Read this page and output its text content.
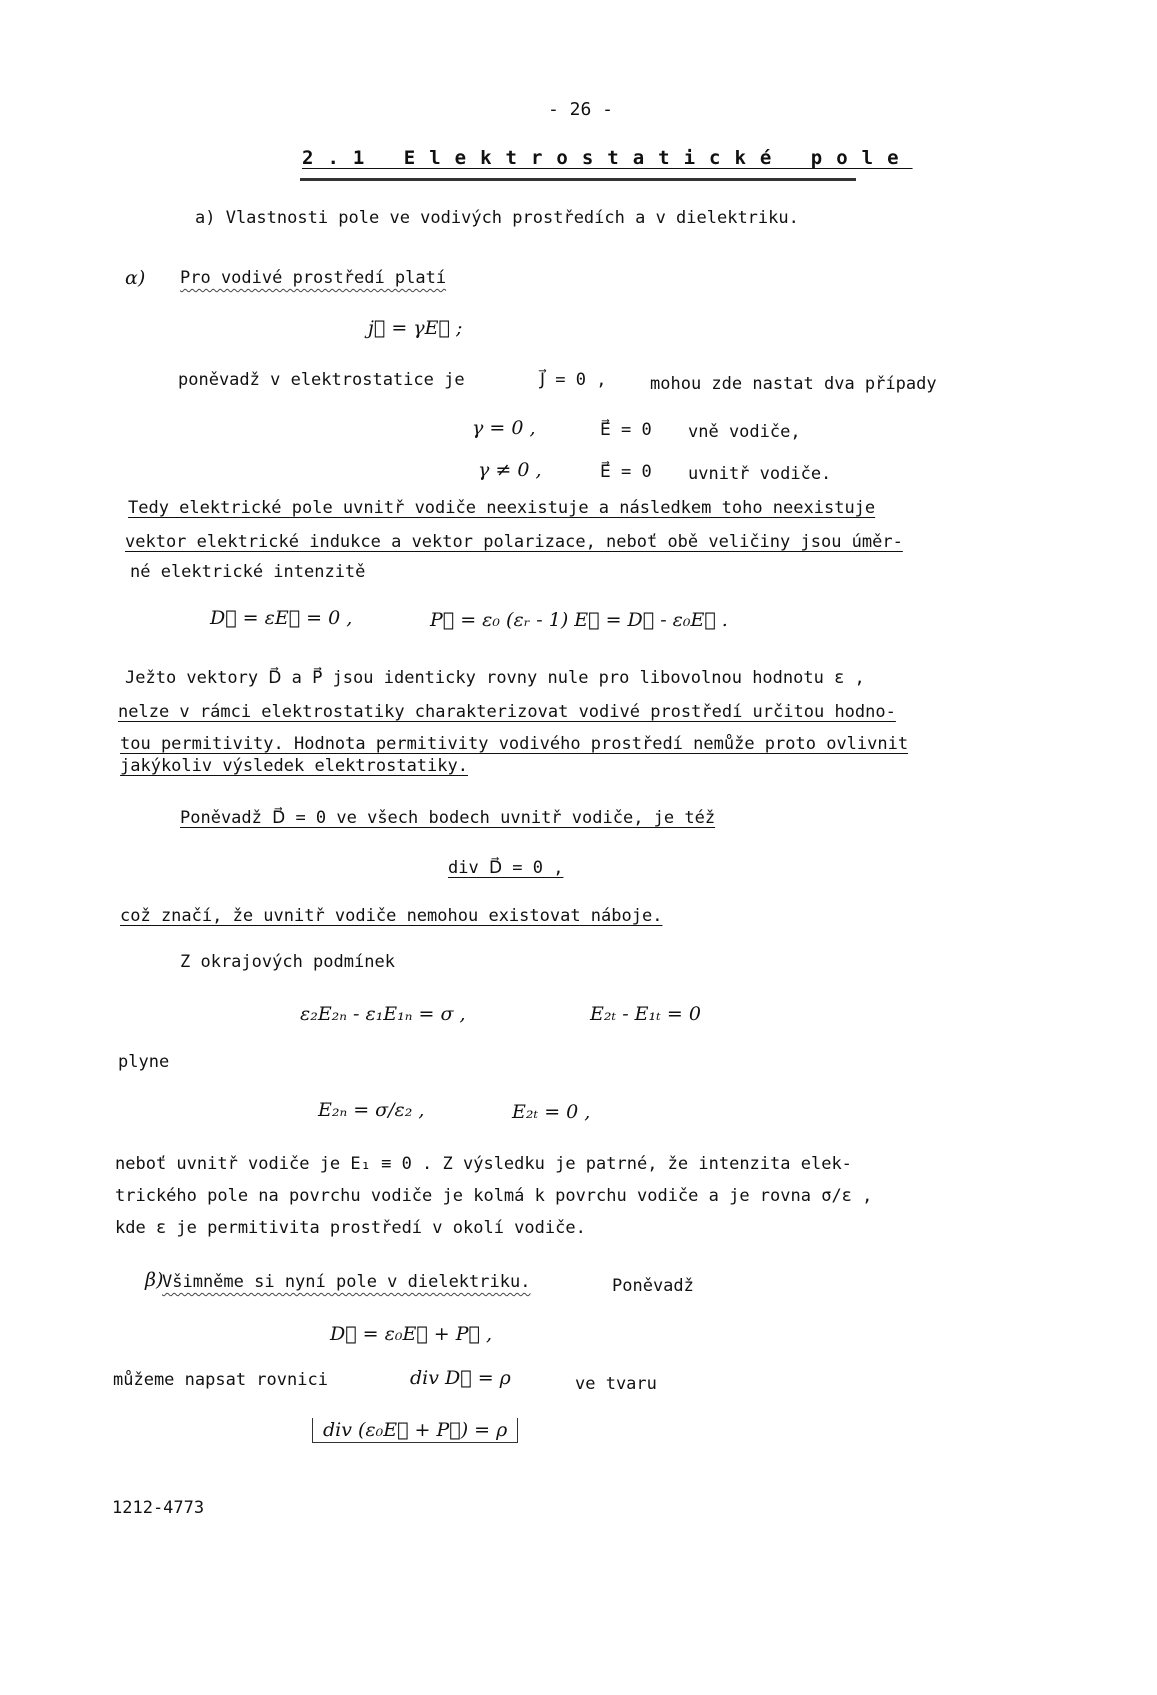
- 26 -
2.1 Elektrostatické pole
a) Vlastnosti pole ve vodivých prostředích a v dielektriku.
α) Pro vodivé prostředí platí
j⃗ = γE⃗ ;
poněvadž v elektrostatice je	J⃗ = 0 ,	mohou zde nastat dva případy
γ = 0 ,	E⃗ = 0 vně vodiče,
γ ≠ 0 ,	E⃗ = 0 uvnitř vodiče.
Tedy elektrické pole uvnitř vodiče neexistuje a následkem toho neexistuje
vektor elektrické indukce a vektor polarizace, neboť obě veličiny jsou úměr-
né elektrické intenzitě
D⃗ = εE⃗ = 0 ,	P⃗ = ε₀ (εᵣ - 1) E⃗ = D⃗ - ε₀E⃗ .
Ježto vektory D⃗ a P⃗ jsou identicky rovny nule pro libovolnou hodnotu ε ,
nelze v rámci elektrostatiky charakterizovat vodivé prostředí určitou hodno-
tou permitivity. Hodnota permitivity vodivého prostředí nemůže proto ovlivnit
jakýkoliv výsledek elektrostatiky.
Poněvadž D⃗ = 0 ve všech bodech uvnitř vodiče, je též
div D⃗ = 0 ,
což značí, že uvnitř vodiče nemohou existovat náboje.
Z okrajových podmínek
ε₂E₂ₙ - ε₁E₁ₙ = σ ,	E₂ₜ - E₁ₜ = 0
plyne
E₂ₙ = σ/ε₂ ,	E₂ₜ = 0 ,
neboť uvnitř vodiče je E₁ ≡ 0 . Z výsledku je patrné, že intenzita elek-
trického pole na povrchu vodiče je kolmá k povrchu vodiče a je rovna σ/ε ,
kde ε je permitivita prostředí v okolí vodiče.
β)
Všimněme si nyní pole v dielektriku.	Poněvadž
D⃗ = ε₀E⃗ + P⃗ ,
můžeme napsat rovnici	div D⃗ = ρ	ve tvaru
div (ε₀E⃗ + P⃗) = ρ
1212-4773
